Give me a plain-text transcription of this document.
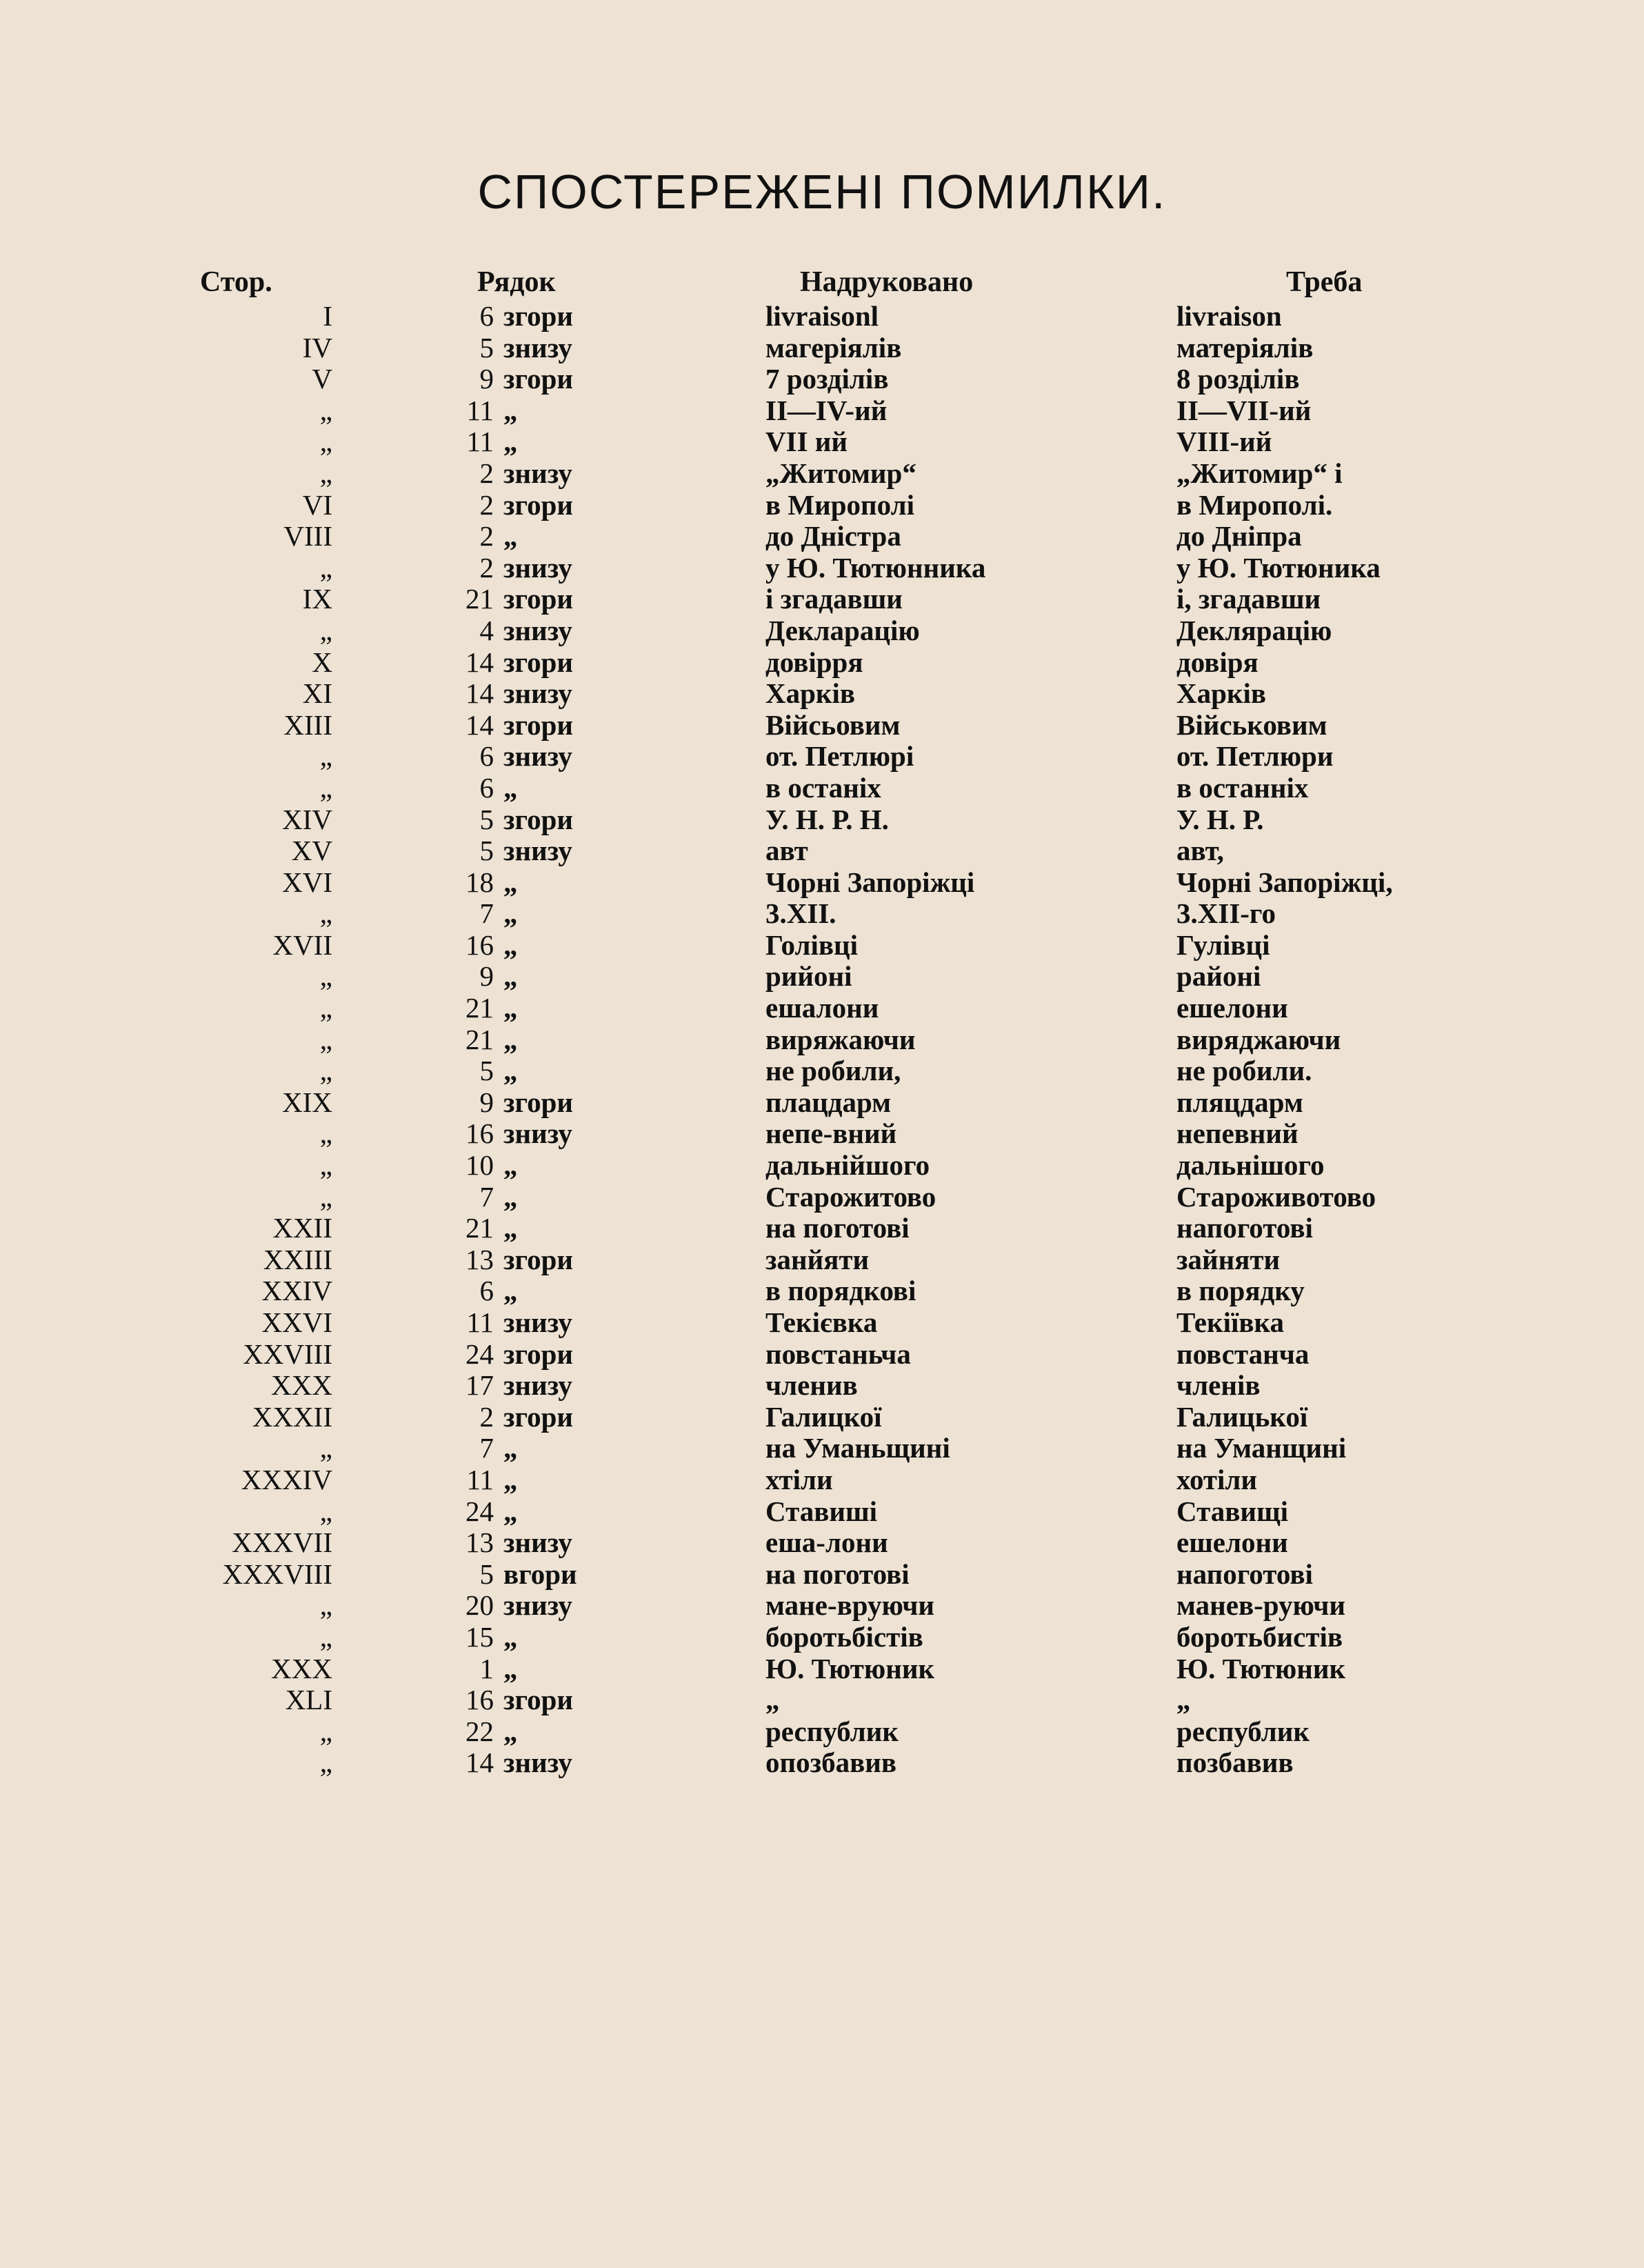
СПОСТЕРЕЖЕНІ ПОМИЛКИ.
Стор.	Рядок	Надруковано	Треба
I	6 згори	livraisonl	livraison
IV	5 знизу	магеріялів	матеріялів
V	9 згори	7 розділів	8 розділів
„	11 „	II—IV-ий	II—VII-ий
„	11 „	VII ий	VIII-ий
„	2 знизу	„Житомир“	„Житомир“ і
VI	2 згори	в Мирополі	в Мирополі.
VIII	2 „	до Дністра	до Дніпра
„	2 знизу	у Ю. Тютюнника	у Ю. Тютюника
IX	21 згори	і згадавши	і, згадавши
„	4 знизу	Декларацію	Деклярацію
X	14 згори	довірря	довіря
XI	14 знизу	Харків	Харків
XIII	14 згори	Війсьовим	Військовим
„	6 знизу	от. Петлюрі	от. Петлюри
„	6 „	в останіх	в останніх
XIV	5 згори	У. Н. Р. Н.	У. Н. Р.
XV	5 знизу	авт	авт,
XVI	18 „	Чорні Запоріжці	Чорні Запоріжці,
„	7 „	3.XII.	3.XII-го
XVII	16 „	Голівці	Гулівці
„	9 „	рийоні	районі
„	21 „	ешалони	ешелони
„	21 „	виряжаючи	виряджаючи
„	5 „	не робили,	не робили.
XIX	9 згори	плацдарм	пляцдарм
„	16 знизу	непе-вний	непевний
„	10 „	дальнійшого	дальнішого
„	7 „	Старожитово	Староживотово
XXII	21 „	на поготові	напоготові
XXIII	13 згори	занйяти	зайняти
XXIV	6 „	в порядкові	в порядку
XXVI	11 знизу	Текієвка	Текіївка
XXVIII	24 згори	повстаньча	повстанча
XXX	17 знизу	членив	членів
XXXII	2 згори	Галицкої	Галицької
„	7 „	на Уманьщині	на Уманщині
XXXIV	11 „	хтіли	хотіли
„	24 „	Ставиші	Ставищі
XXXVII	13 знизу	еша-лони	ешелони
XXXVIII	5 вгори	на поготові	напоготові
„	20 знизу	мане-вруючи	манев-руючи
„	15 „	боротьбістів	боротьбистів
XXX	1 „	Ю. Тютюник	Ю. Тютюник
XLI	16 згори	„	„
„	22 „	республик	республик
„	14 знизу	опозбавив	позбавив
